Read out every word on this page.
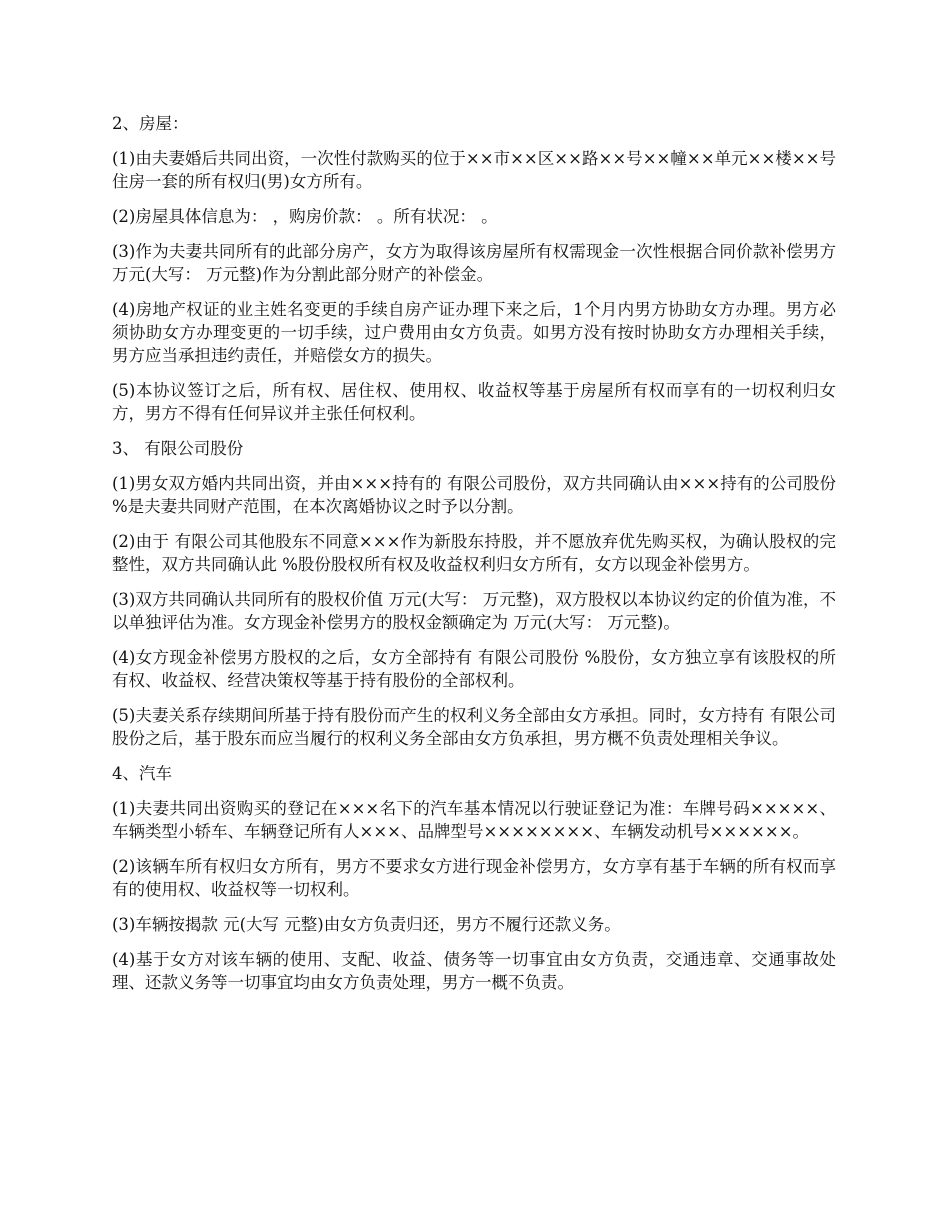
2、房屋：

(1)由夫妻婚后共同出资，一次性付款购买的位于××市××区××路××号××幢××单元××楼××号住房一套的所有权归(男)女方所有。

(2)房屋具体信息为： ，购房价款： 。所有状况： 。

(3)作为夫妻共同所有的此部分房产，女方为取得该房屋所有权需现金一次性根据合同价款补偿男方 万元(大写： 万元整)作为分割此部分财产的补偿金。

(4)房地产权证的业主姓名变更的手续自房产证办理下来之后，1个月内男方协助女方办理。男方必须协助女方办理变更的一切手续，过户费用由女方负责。如男方没有按时协助女方办理相关手续，男方应当承担违约责任，并赔偿女方的损失。

(5)本协议签订之后，所有权、居住权、使用权、收益权等基于房屋所有权而享有的一切权利归女方，男方不得有任何异议并主张任何权利。

3、 有限公司股份

(1)男女双方婚内共同出资，并由×××持有的 有限公司股份，双方共同确认由×××持有的公司股份 %是夫妻共同财产范围，在本次离婚协议之时予以分割。

(2)由于 有限公司其他股东不同意×××作为新股东持股，并不愿放弃优先购买权，为确认股权的完整性，双方共同确认此 %股份股权所有权及收益权利归女方所有，女方以现金补偿男方。

(3)双方共同确认共同所有的股权价值 万元(大写： 万元整)，双方股权以本协议约定的价值为准，不以单独评估为准。女方现金补偿男方的股权金额确定为 万元(大写： 万元整)。

(4)女方现金补偿男方股权的之后，女方全部持有 有限公司股份 %股份，女方独立享有该股权的所有权、收益权、经营决策权等基于持有股份的全部权利。

(5)夫妻关系存续期间所基于持有股份而产生的权利义务全部由女方承担。同时，女方持有 有限公司股份之后，基于股东而应当履行的权利义务全部由女方负承担，男方概不负责处理相关争议。

4、汽车

(1)夫妻共同出资购买的登记在×××名下的汽车基本情况以行驶证登记为准：车牌号码×××××、车辆类型小轿车、车辆登记所有人×××、品牌型号××××××××、车辆发动机号××××××。

(2)该辆车所有权归女方所有，男方不要求女方进行现金补偿男方，女方享有基于车辆的所有权而享有的使用权、收益权等一切权利。

(3)车辆按揭款 元(大写 元整)由女方负责归还，男方不履行还款义务。

(4)基于女方对该车辆的使用、支配、收益、债务等一切事宜由女方负责，交通违章、交通事故处理、还款义务等一切事宜均由女方负责处理，男方一概不负责。
